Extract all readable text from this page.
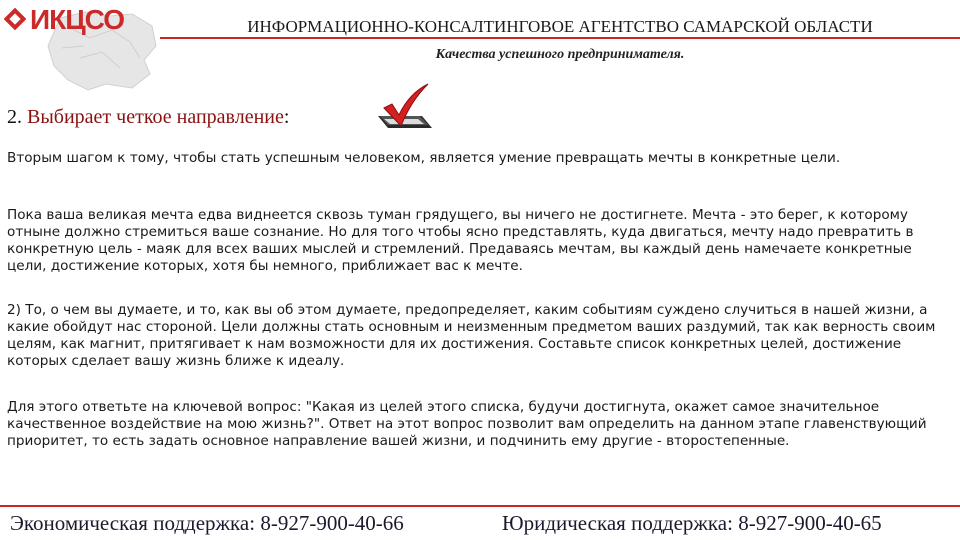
ИКЦСО	ИНФОРМАЦИОННО-КОНСАЛТИНГОВОЕ АГЕНТСТВО САМАРСКОЙ ОБЛАСТИ
Качества успешного предпринимателя.
2. Выбирает четкое направление:

Вторым шагом к тому, чтобы стать успешным человеком, является умение превращать мечты в конкретные цели.

Пока ваша великая мечта едва виднеется сквозь туман грядущего, вы ничего не достигнете. Мечта - это берег, к которому отныне должно стремиться ваше сознание. Но для того чтобы ясно представлять, куда двигаться, мечту надо превратить в конкретную цель - маяк для всех ваших мыслей и стремлений. Предаваясь мечтам, вы каждый день намечаете конкретные цели, достижение которых, хотя бы немного, приближает вас к мечте.

2) То, о чем вы думаете, и то, как вы об этом думаете, предопределяет, каким событиям суждено случиться в нашей жизни, а какие обойдут нас стороной. Цели должны стать основным и неизменным предметом ваших раздумий, так как верность своим целям, как магнит, притягивает к нам возможности для их достижения. Составьте список конкретных целей, достижение которых сделает вашу жизнь ближе к идеалу.

Для этого ответьте на ключевой вопрос: "Какая из целей этого списка, будучи достигнута, окажет самое значительное качественное воздействие на мою жизнь?". Ответ на этот вопрос позволит вам определить на данном этапе главенствующий приоритет, то есть задать основное направление вашей жизни, и подчинить ему другие - второстепенные.

Экономическая поддержка: 8-927-900-40-66	Юридическая поддержка: 8-927-900-40-65
